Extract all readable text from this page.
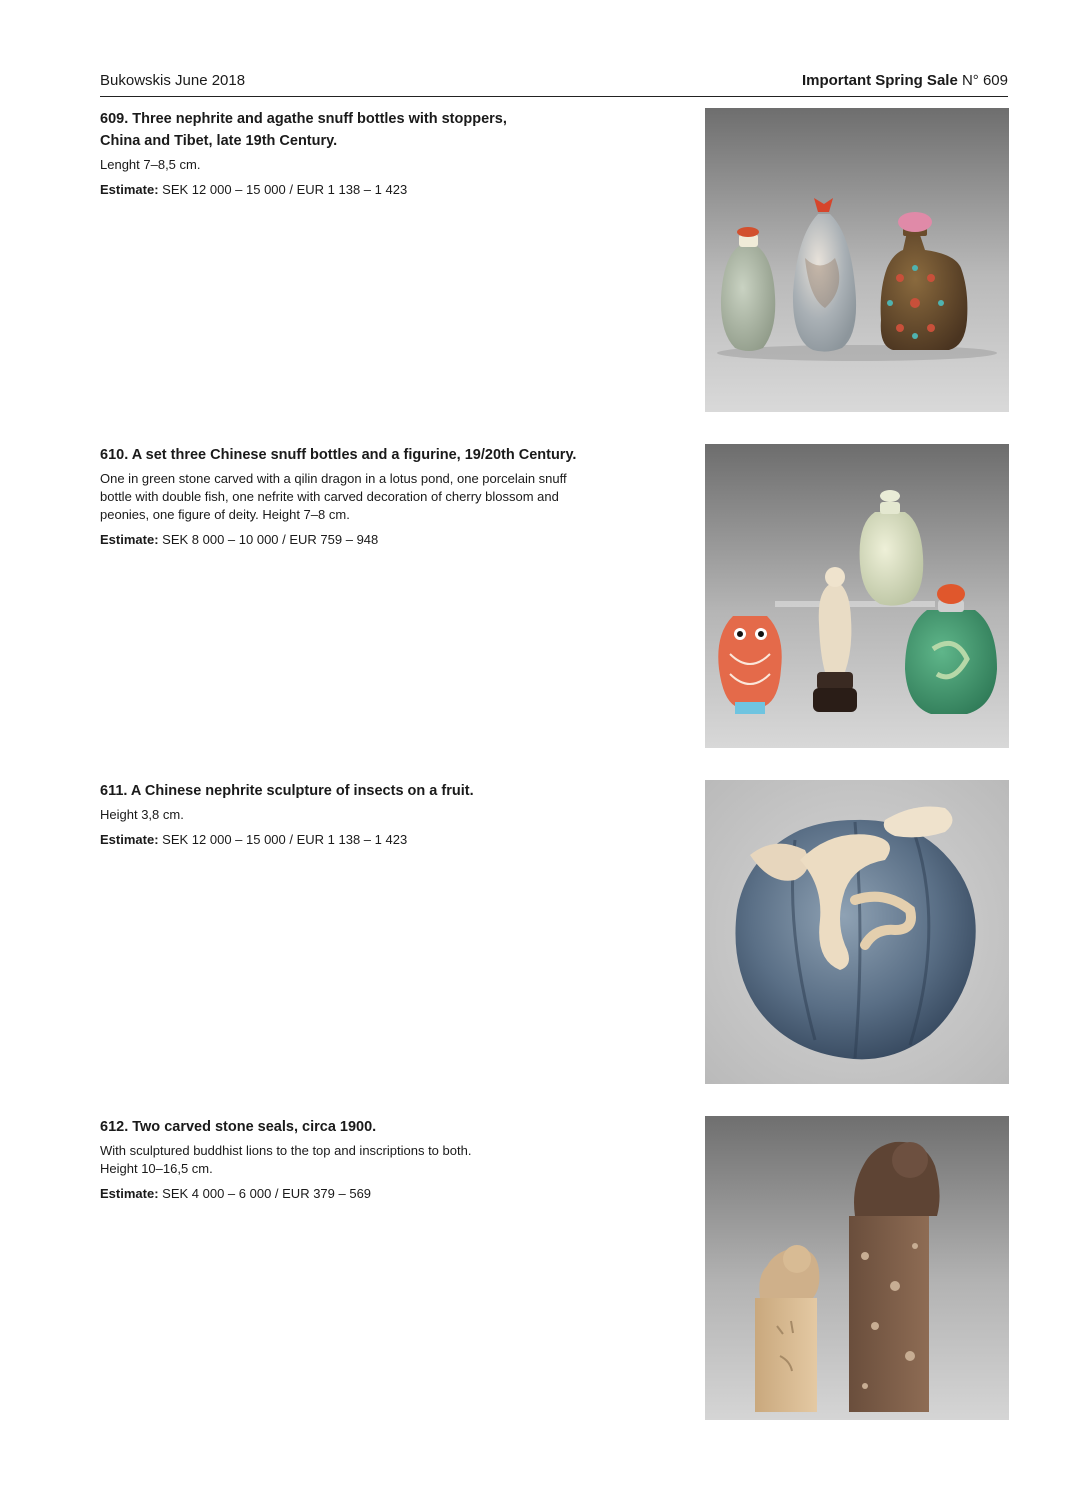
Bukowskis June 2018	Important Spring Sale N° 609
609. Three nephrite and agathe snuff bottles with stoppers,
China and Tibet, late 19th Century.
Lenght 7–8,5 cm.
Estimate: SEK 12 000 – 15 000 / EUR 1 138 – 1 423
610. A set three Chinese snuff bottles and a figurine, 19/20th Century.
One in green stone carved with a qilin dragon in a lotus pond, one porcelain snuff
bottle with double fish, one nefrite with carved decoration of cherry blossom and
peonies, one figure of deity. Height 7–8 cm.
Estimate: SEK 8 000 – 10 000 / EUR 759 – 948
611. A Chinese nephrite sculpture of insects on a fruit.
Height 3,8 cm.
Estimate: SEK 12 000 – 15 000 / EUR 1 138 – 1 423
612. Two carved stone seals, circa 1900.
With sculptured buddhist lions to the top and inscriptions to both.
Height 10–16,5 cm.
Estimate: SEK 4 000 – 6 000 / EUR 379 – 569
